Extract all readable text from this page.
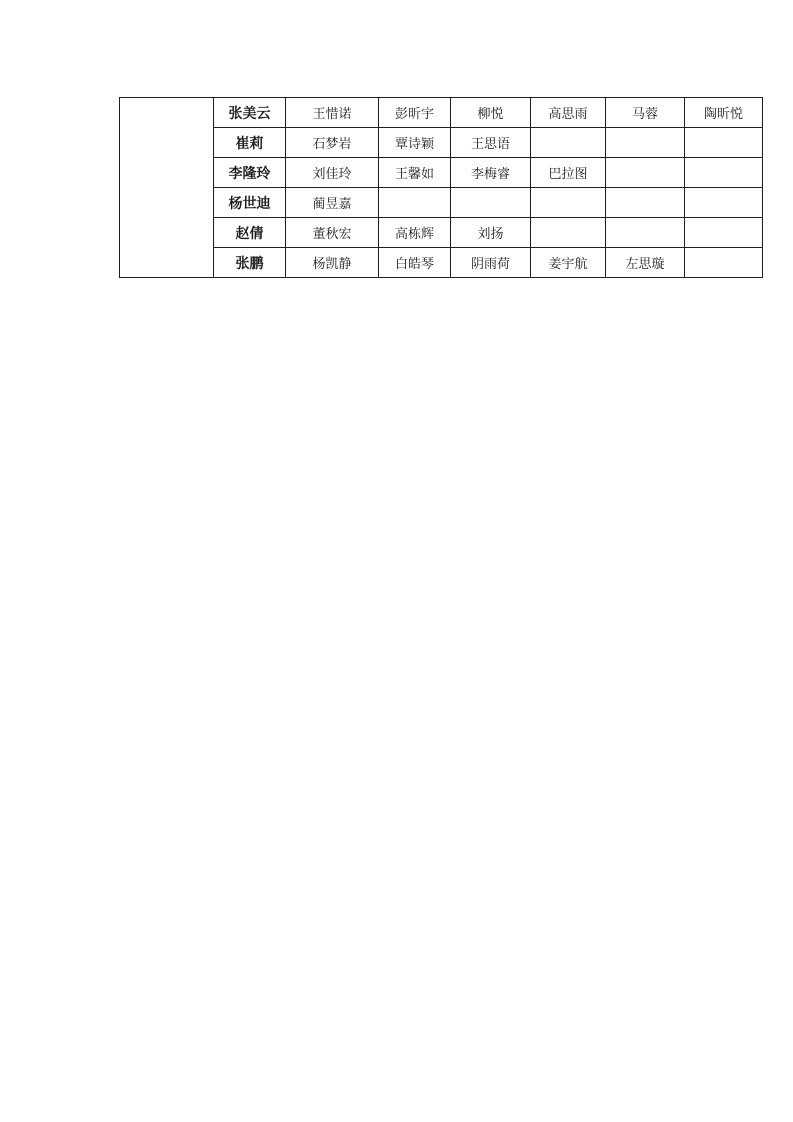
	张美云	王惜诺	彭昕宇	柳悦	高思雨	马蓉	陶昕悦
	崔莉	石梦岩	覃诗颖	王思语			
	李隆玲	刘佳玲	王馨如	李梅睿	巴拉图		
	杨世迪	蔺昱嘉					
	赵倩	董秋宏	高栋辉	刘扬			
	张鹏	杨凯静	白皓琴	阴雨荷	姜宇航	左思璇	
